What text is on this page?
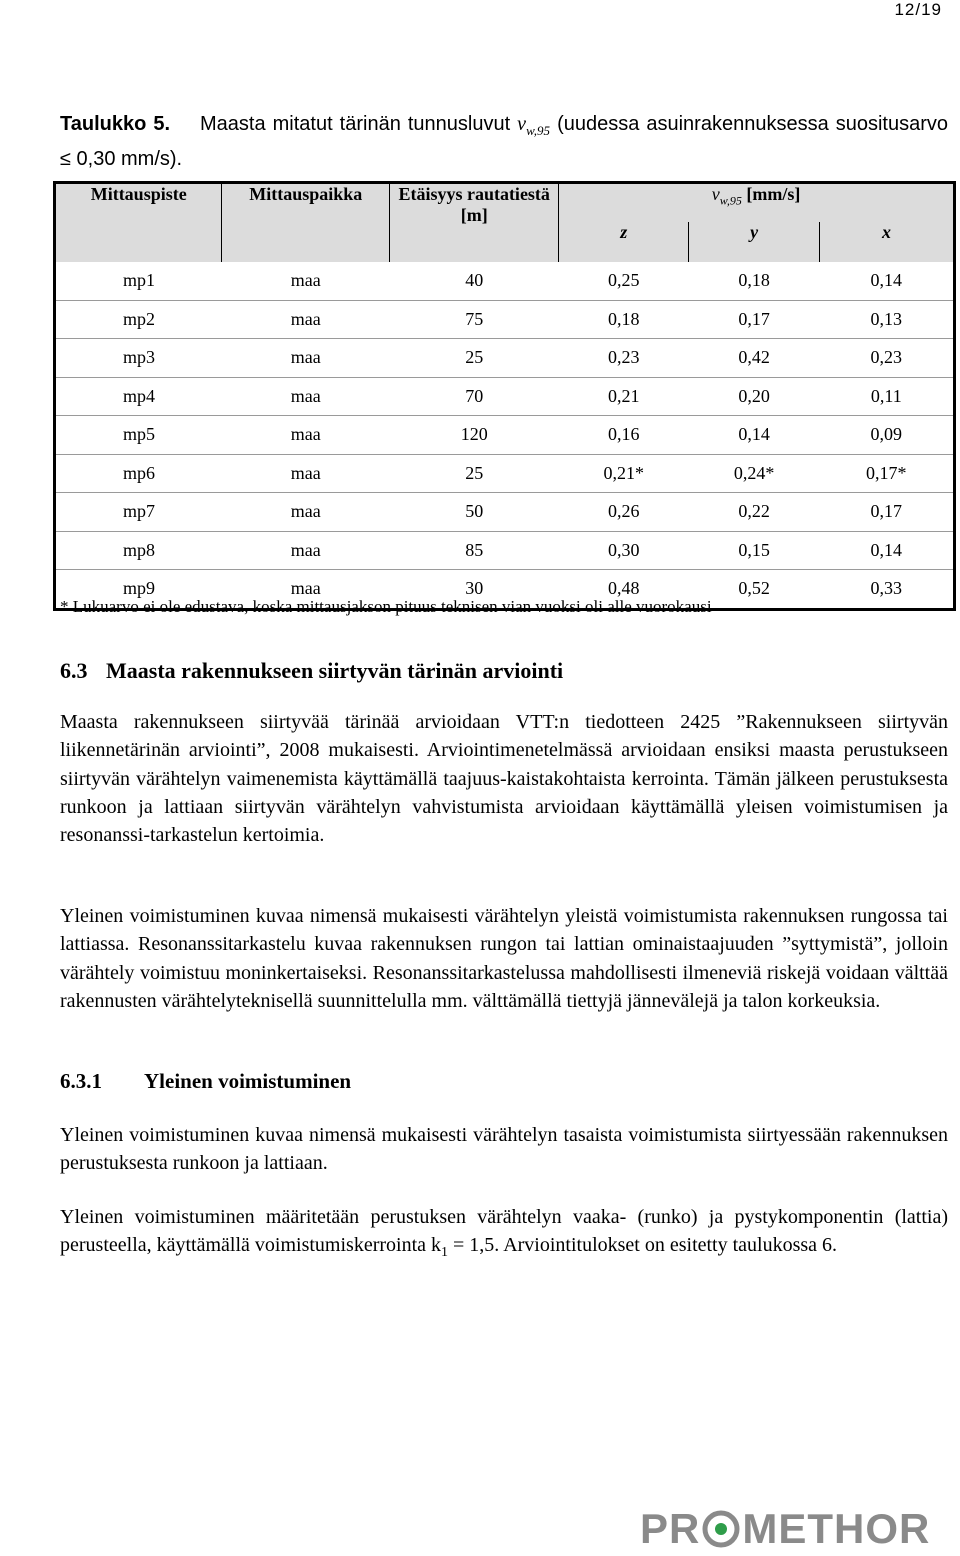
12/19
Taulukko 5. Maasta mitatut tärinän tunnusluvut $v_{w,95}$ (uudessa asuinrakennuksessa suositusarvo ≤ 0,30 mm/s).
Mittauspiste	Mittauspaikka	Etäisyys rautatiestä [m]	$v_{w,95}$ [mm/s]		
			z	y	x
mp1	maa	40	0,25	0,18	0,14
mp2	maa	75	0,18	0,17	0,13
mp3	maa	25	0,23	0,42	0,23
mp4	maa	70	0,21	0,20	0,11
mp5	maa	120	0,16	0,14	0,09
mp6	maa	25	0,21*	0,24*	0,17*
mp7	maa	50	0,26	0,22	0,17
mp8	maa	85	0,30	0,15	0,14
mp9	maa	30	0,48	0,52	0,33
* Lukuarvo ei ole edustava, koska mittausjakson pituus teknisen vian vuoksi oli alle vuorokausi
6.3 Maasta rakennukseen siirtyvän tärinän arviointi
Maasta rakennukseen siirtyvää tärinää arvioidaan VTT:n tiedotteen 2425 ”Rakennukseen siirtyvän liikennetärinän arviointi”, 2008 mukaisesti. Arviointimenetelmässä arvioidaan ensiksi maasta perustukseen siirtyvän värähtelyn vaimenemista käyttämällä taajuus-kaistakohtaista kerrointa. Tämän jälkeen perustuksesta runkoon ja lattiaan siirtyvän värähtelyn vahvistumista arvioidaan käyttämällä yleisen voimistumisen ja resonanssi-tarkastelun kertoimia.
Yleinen voimistuminen kuvaa nimensä mukaisesti värähtelyn yleistä voimistumista rakennuksen rungossa tai lattiassa. Resonanssitarkastelu kuvaa rakennuksen rungon tai lattian ominaistaajuuden ”syttymistä”, jolloin värähtely voimistuu moninkertaiseksi. Resonanssitarkastelussa mahdollisesti ilmeneviä riskejä voidaan välttää rakennusten värähtelyteknisellä suunnittelulla mm. välttämällä tiettyjä jännevälejä ja talon korkeuksia.
6.3.1 Yleinen voimistuminen
Yleinen voimistuminen kuvaa nimensä mukaisesti värähtelyn tasaista voimistumista siirtyessään rakennuksen perustuksesta runkoon ja lattiaan.
Yleinen voimistuminen määritetään perustuksen värähtelyn vaaka- (runko) ja pystykomponentin (lattia) perusteella, käyttämällä voimistumiskerrointa $k_1 = 1,5$. Arviointitulokset on esitetty taulukossa 6.
PR METHOR
